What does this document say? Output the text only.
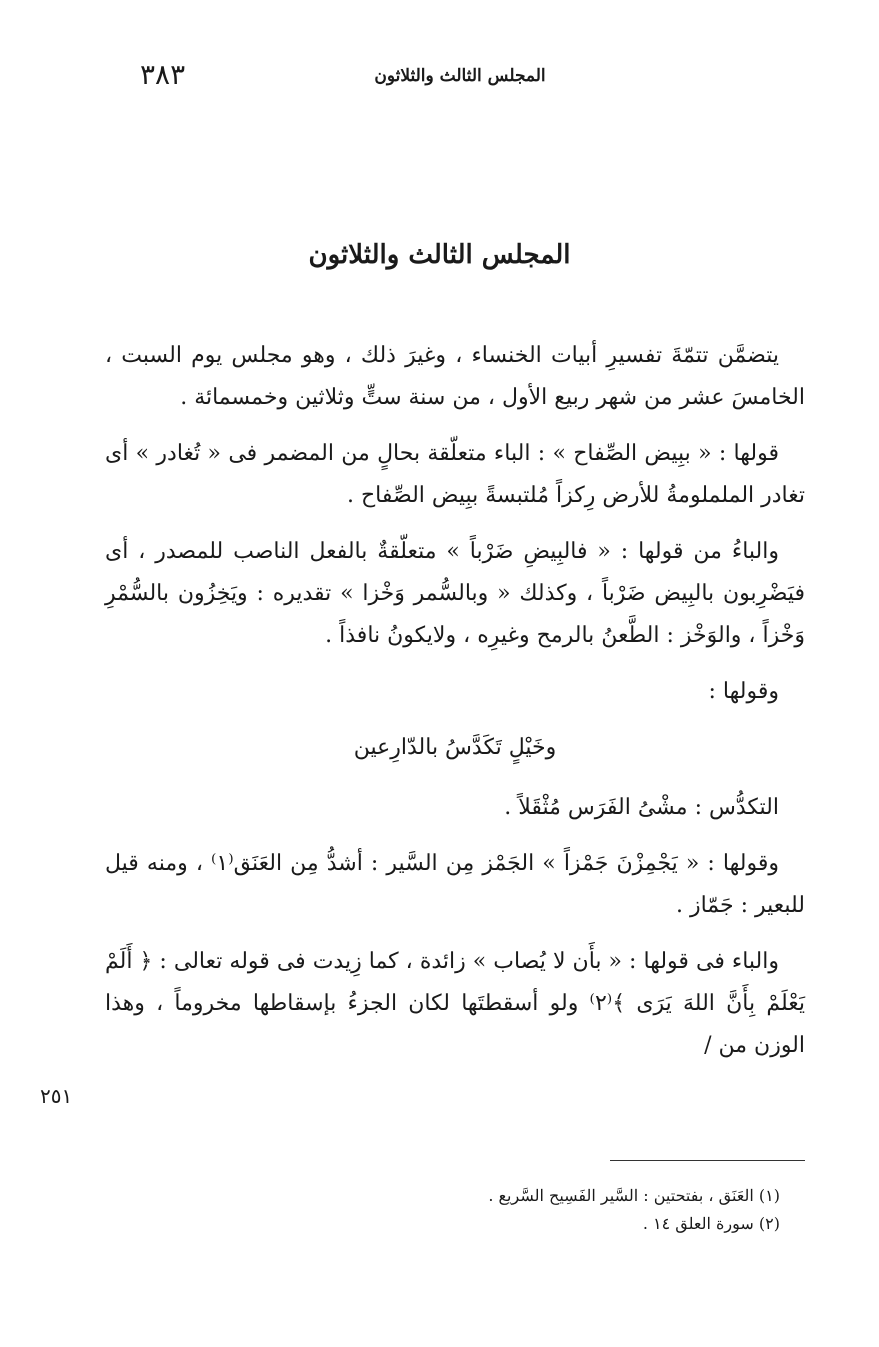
٣٨٣	المجلس الثالث والثلاثون
المجلس الثالث والثلاثون

يتضمَّن تتمّةَ تفسيرِ أبيات الخنساء ، وغيرَ ذلك ، وهو مجلس يوم السبت ، الخامسَ عشر من شهر ربيع الأول ، من سنة ستٍّ وثلاثين وخمسمائة .

قولها : « ببِيض الصِّفاح » : الباء متعلّقة بحالٍ من المضمر فى « تُغادر » أى تغادر الململومةُ للأرض رِكزاً مُلتبسةً ببِيض الصِّفاح .

والباءُ من قولها : « فالبِيضِ ضَرْباً » متعلّقةٌ بالفعل الناصب للمصدر ، أى فيَضْرِبون بالبِيض ضَرْباً ، وكذلك « وبالسُّمر وَخْزا » تقديره : ويَخِزُون بالسُّمْرِ وَخْزاً ، والوَخْز : الطَّعنُ بالرمح وغيرِه ، ولايكونُ نافذاً .

وقولها :

وخَيْلٍ تَكَدَّسُ بالدّارِعين

التكدُّس : مشْىُ الفَرَس مُثْقَلاً .

وقولها : « يَجْمِزْنَ جَمْزاً » الجَمْز مِن السَّير : أشدُّ مِن العَنَق⁽١⁾ ، ومنه قيل للبعير : جَمّاز .

والباء فى قولها : « بأَن لا يُصاب » زائدة ، كما زِيدت فى قوله تعالى : ﴿ أَلَمْ يَعْلَمْ بِأَنَّ اللهَ يَرَى ﴾⁽٢⁾ ولو أسقطتَها لكان الجزءُ بإسقاطها مخروماً ، وهذا الوزن من /

٢٥١

(١) العَنَق ، بفتحتين : السَّير الفَسِيح السَّريع .

(٢) سورة العلق ١٤ .
